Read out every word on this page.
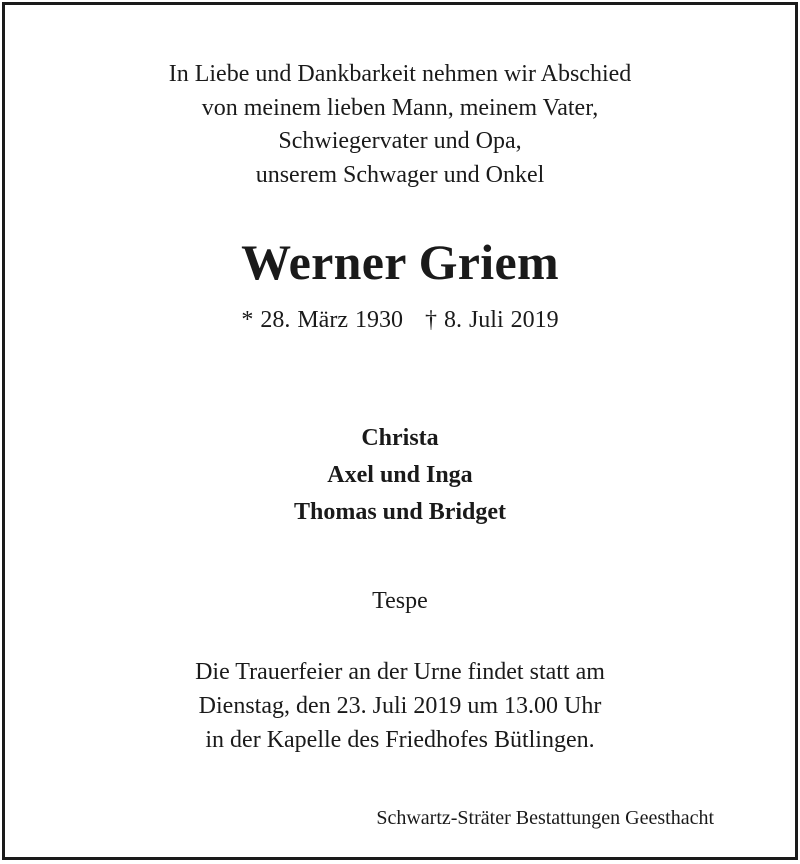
In Liebe und Dankbarkeit nehmen wir Abschied
von meinem lieben Mann, meinem Vater,
Schwiegervater und Opa,
unserem Schwager und Onkel
Werner Griem
* 28. März 1930 † 8. Juli 2019
Christa
Axel und Inga
Thomas und Bridget
Tespe
Die Trauerfeier an der Urne findet statt am
Dienstag, den 23. Juli 2019 um 13.00 Uhr
in der Kapelle des Friedhofes Bütlingen.
Schwartz-Sträter Bestattungen Geesthacht
